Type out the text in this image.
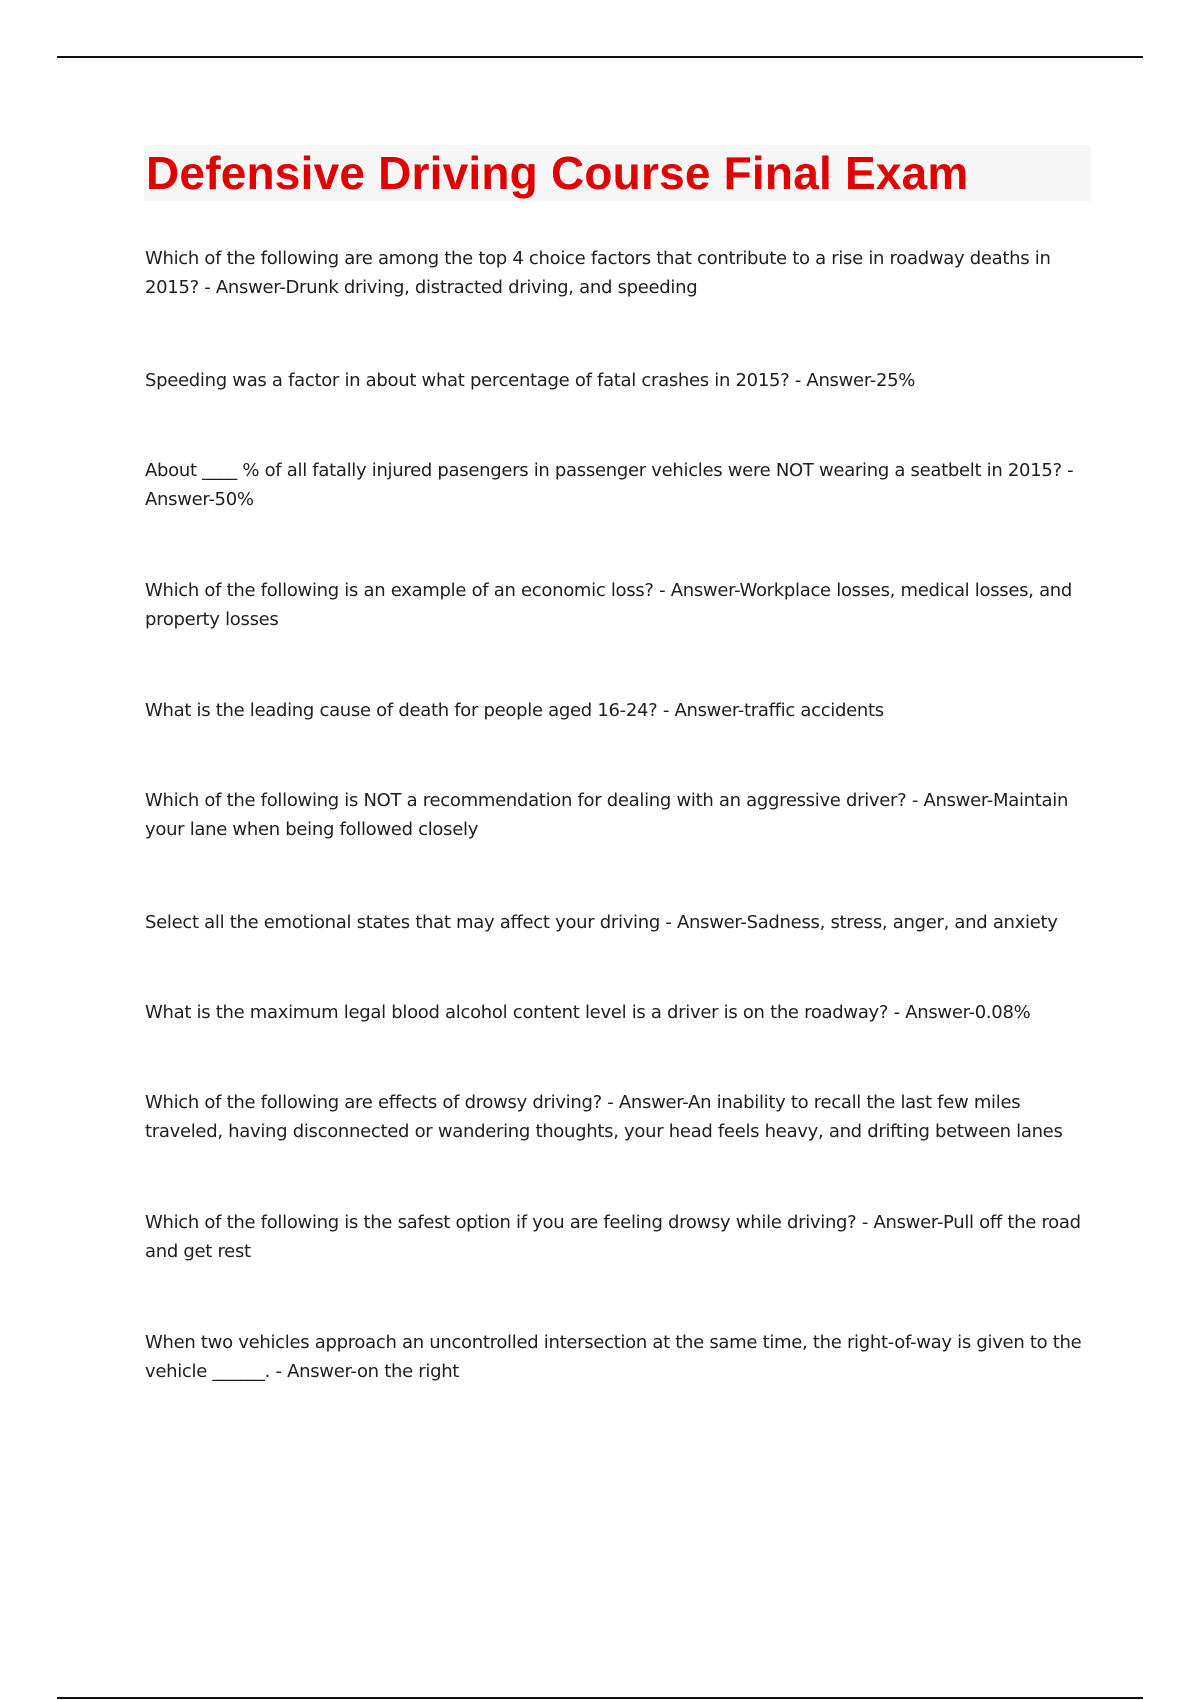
Defensive Driving Course Final Exam

Which of the following are among the top 4 choice factors that contribute to a rise in roadway deaths in 2015? - Answer-Drunk driving, distracted driving, and speeding

Speeding was a factor in about what percentage of fatal crashes in 2015? - Answer-25%

About ____ % of all fatally injured pasengers in passenger vehicles were NOT wearing a seatbelt in 2015? - Answer-50%

Which of the following is an example of an economic loss? - Answer-Workplace losses, medical losses, and property losses

What is the leading cause of death for people aged 16-24? - Answer-traffic accidents

Which of the following is NOT a recommendation for dealing with an aggressive driver? - Answer-Maintain your lane when being followed closely

Select all the emotional states that may affect your driving - Answer-Sadness, stress, anger, and anxiety

What is the maximum legal blood alcohol content level is a driver is on the roadway? - Answer-0.08%

Which of the following are effects of drowsy driving? - Answer-An inability to recall the last few miles traveled, having disconnected or wandering thoughts, your head feels heavy, and drifting between lanes

Which of the following is the safest option if you are feeling drowsy while driving? - Answer-Pull off the road and get rest

When two vehicles approach an uncontrolled intersection at the same time, the right-of-way is given to the vehicle ______. - Answer-on the right
